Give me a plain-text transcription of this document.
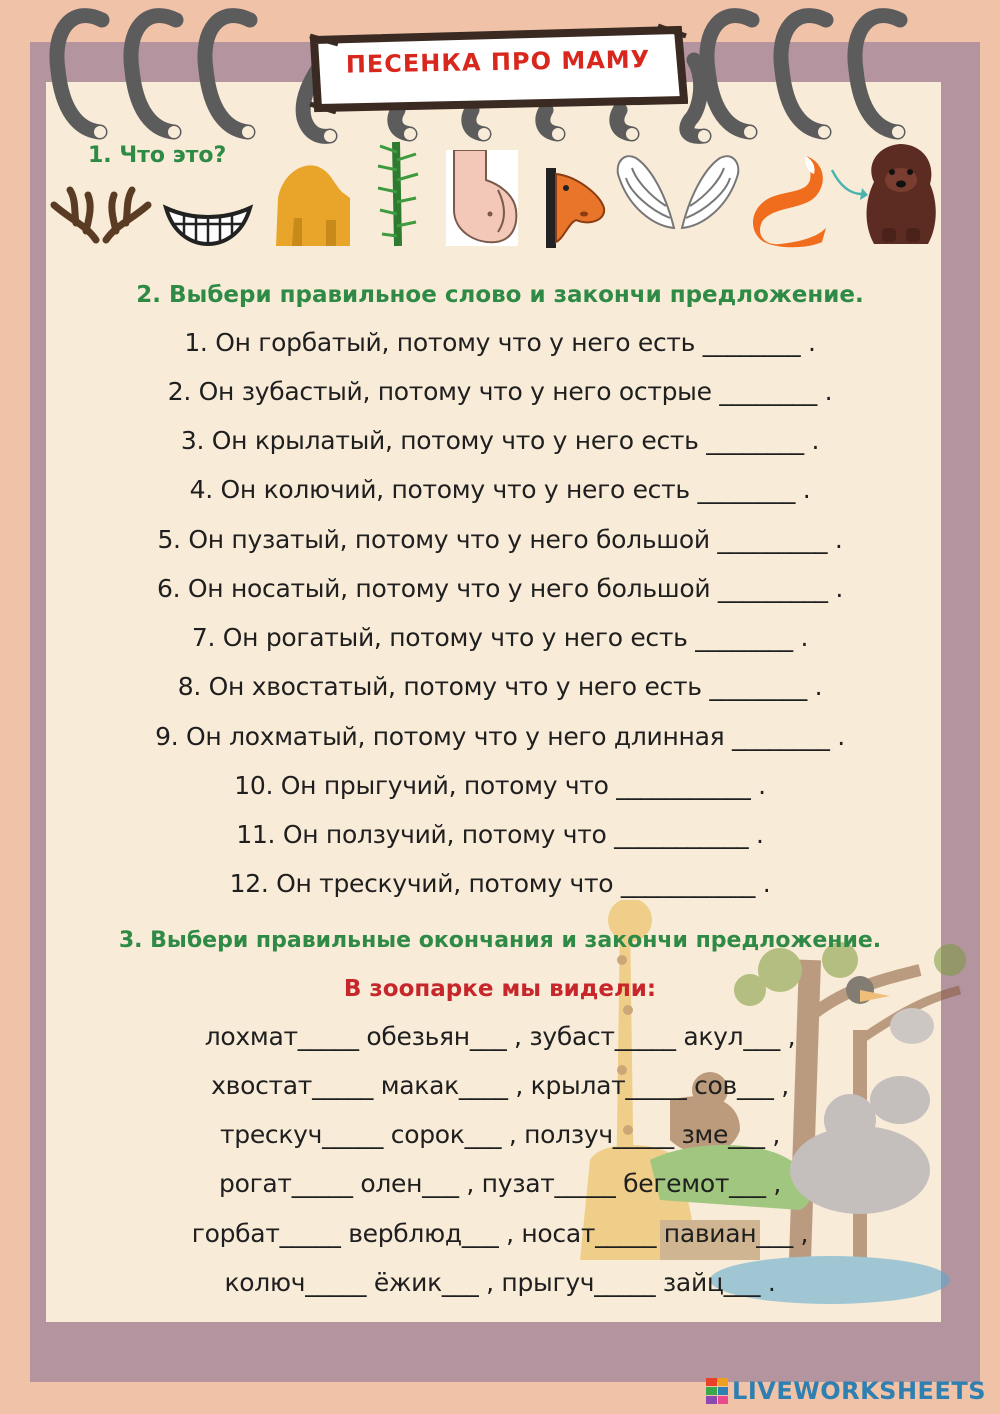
ПЕСЕНКА ПРО МАМУ
1. Что это?
2. Выбери правильное слово и закончи предложение.
1. Он горбатый, потому что у него есть ________ .
2. Он зубастый, потому что у него острые ________ .
3. Он крылатый, потому что у него есть ________ .
4. Он колючий, потому что у него есть ________ .
5. Он пузатый, потому что у него большой _________ .
6. Он носатый, потому что у него большой _________ .
7. Он рогатый, потому что у него есть ________ .
8. Он хвостатый, потому что у него есть ________ .
9. Он лохматый, потому что у него длинная ________ .
10. Он прыгучий, потому что ___________ .
11. Он ползучий, потому что ___________ .
12. Он трескучий, потому что ___________ .
3. Выбери правильные окончания и закончи предложение.
В зоопарке мы видели:
лохмат_____ обезьян___ , зубаст_____ акул___ ,
хвостат_____ макак____ , крылат_____ сов___ ,
трескуч_____ сорок___ , ползуч_____ зме___ ,
рогат_____ олен___ , пузат_____ бегемот___ ,
горбат_____ верблюд___ , носат_____ павиан___ ,
колюч_____ ёжик___ , прыгуч_____ зайц___ .
LIVEWORKSHEETS
